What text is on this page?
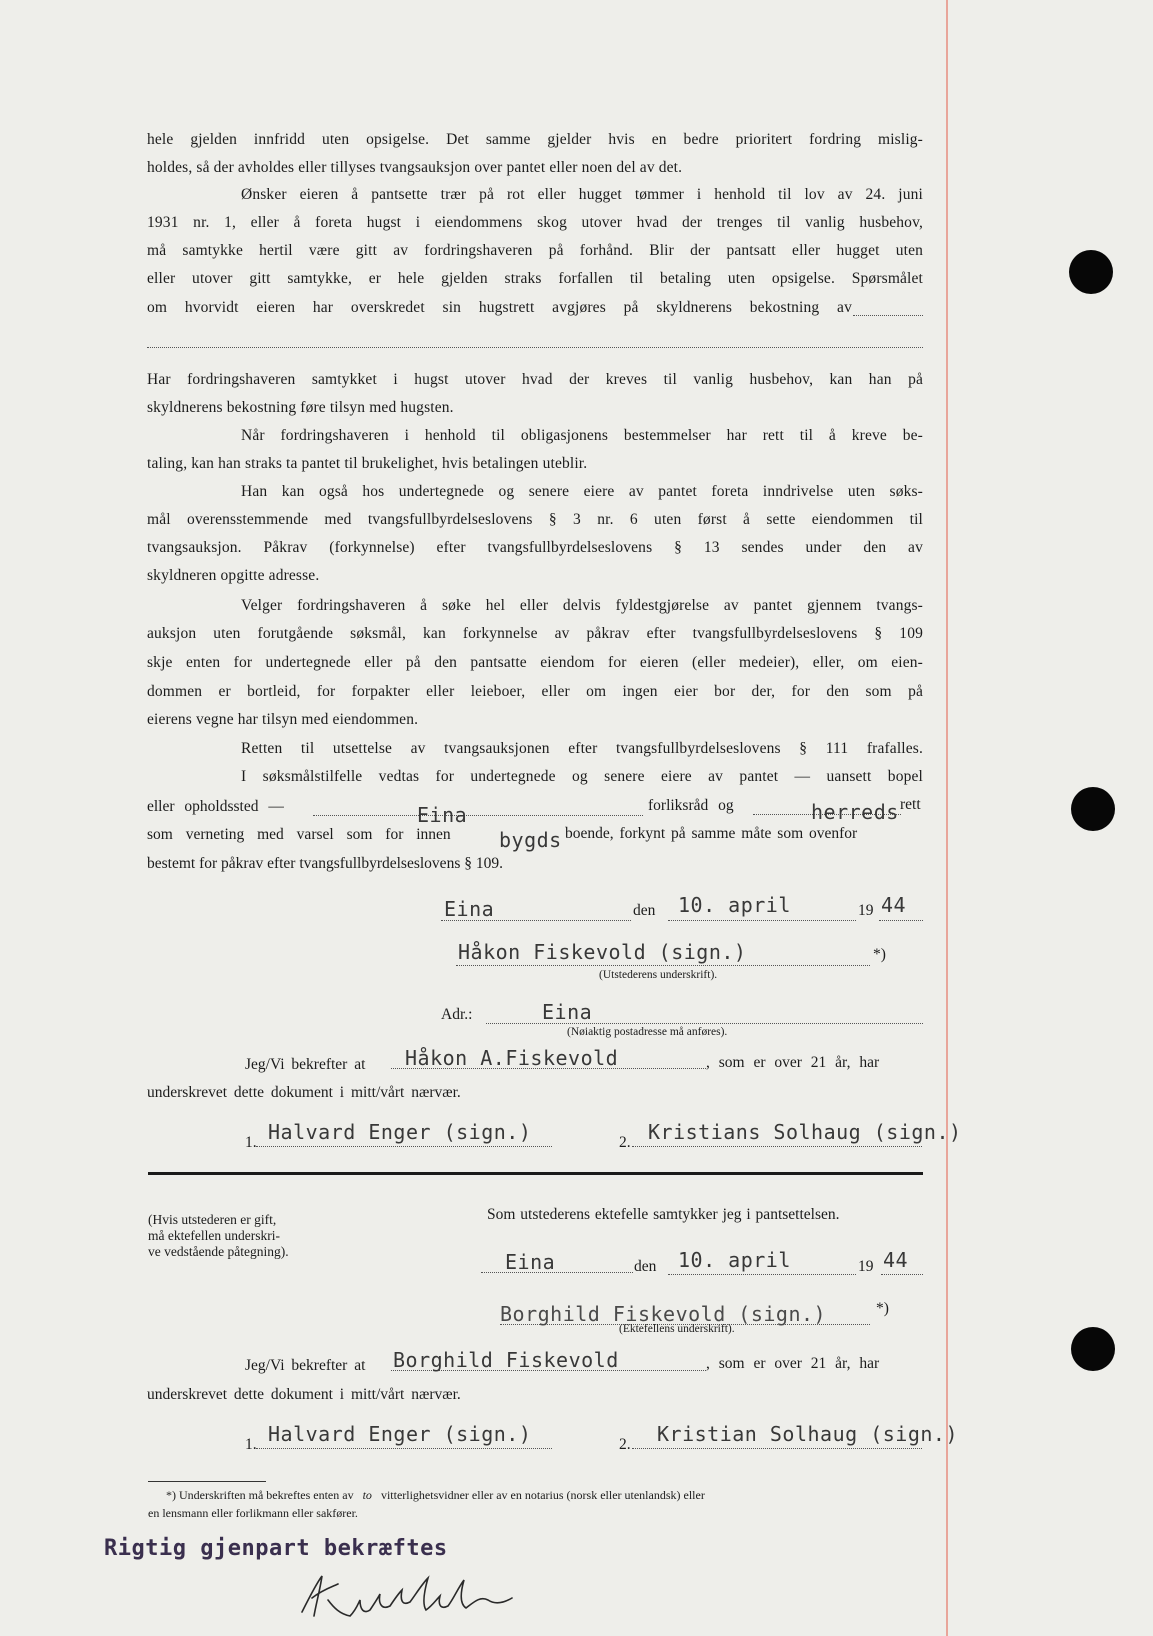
hele gjelden innfridd uten opsigelse. Det samme gjelder hvis en bedre prioritert fordring mislig-
holdes, så der avholdes eller tillyses tvangsauksjon over pantet eller noen del av det.
Ønsker eieren å pantsette trær på rot eller hugget tømmer i henhold til lov av 24. juni
1931 nr. 1, eller å foreta hugst i eiendommens skog utover hvad der trenges til vanlig husbehov,
må samtykke hertil være gitt av fordringshaveren på forhånd. Blir der pantsatt eller hugget uten
eller utover gitt samtykke, er hele gjelden straks forfallen til betaling uten opsigelse. Spørsmålet
om hvorvidt eieren har overskredet sin hugstrett avgjøres på skyldnerens bekostning av
Har fordringshaveren samtykket i hugst utover hvad der kreves til vanlig husbehov, kan han på
skyldnerens bekostning føre tilsyn med hugsten.
Når fordringshaveren i henhold til obligasjonens bestemmelser har rett til å kreve be-
taling, kan han straks ta pantet til brukelighet, hvis betalingen uteblir.
Han kan også hos undertegnede og senere eiere av pantet foreta inndrivelse uten søks-
mål overensstemmende med tvangsfullbyrdelseslovens § 3 nr. 6 uten først å sette eiendommen til
tvangsauksjon. Påkrav (forkynnelse) efter tvangsfullbyrdelseslovens § 13 sendes under den av
skyldneren opgitte adresse.
Velger fordringshaveren å søke hel eller delvis fyldestgjørelse av pantet gjennem tvangs-
auksjon uten forutgående søksmål, kan forkynnelse av påkrav efter tvangsfullbyrdelseslovens § 109
skje enten for undertegnede eller på den pantsatte eiendom for eieren (eller medeier), eller, om eien-
dommen er bortleid, for forpakter eller leieboer, eller om ingen eier bor der, for den som på
eierens vegne har tilsyn med eiendommen.
Retten til utsettelse av tvangsauksjonen efter tvangsfullbyrdelseslovens § 111 frafalles.
I søksmålstilfelle vedtas for undertegnede og senere eiere av pantet — uansett bopel
eller opholdssted —	Eina	forliksråd og	herreds rett
som verneting med varsel som for innen bygds boende, forkynt på samme måte som ovenfor
bestemt for påkrav efter tvangsfullbyrdelseslovens § 109.
Eina	den 10. april	19 44
Håkon Fiskevold (sign.)	*)
(Utstederens underskrift).
Adr.:	Eina
(Nøiaktig postadresse må anføres).
Jeg/Vi bekrefter at Håkon A.Fiskevold	, som er over 21 år, har
underskrevet dette dokument i mitt/vårt nærvær.
1. Halvard Enger (sign.)	2. Kristians Solhaug (sign.)
(Hvis utstederen er gift,
må ektefellen underskri-
ve vedstående påtegning).
Som utstederens ektefelle samtykker jeg i pantsettelsen.
Eina	den 10. april	19 44
Borghild Fiskevold (sign.)	*)
(Ektefellens underskrift).
Jeg/Vi bekrefter at Borghild Fiskevold	, som er over 21 år, har
underskrevet dette dokument i mitt/vårt nærvær.
1. Halvard Enger (sign.)	2. Kristian Solhaug (sign.)
*) Underskriften må bekreftes enten av to vitterlighetsvidner eller av en notarius (norsk eller utenlandsk) eller
en lensmann eller forlikmann eller sakfører.
Rigtig gjenpart bekræftes
